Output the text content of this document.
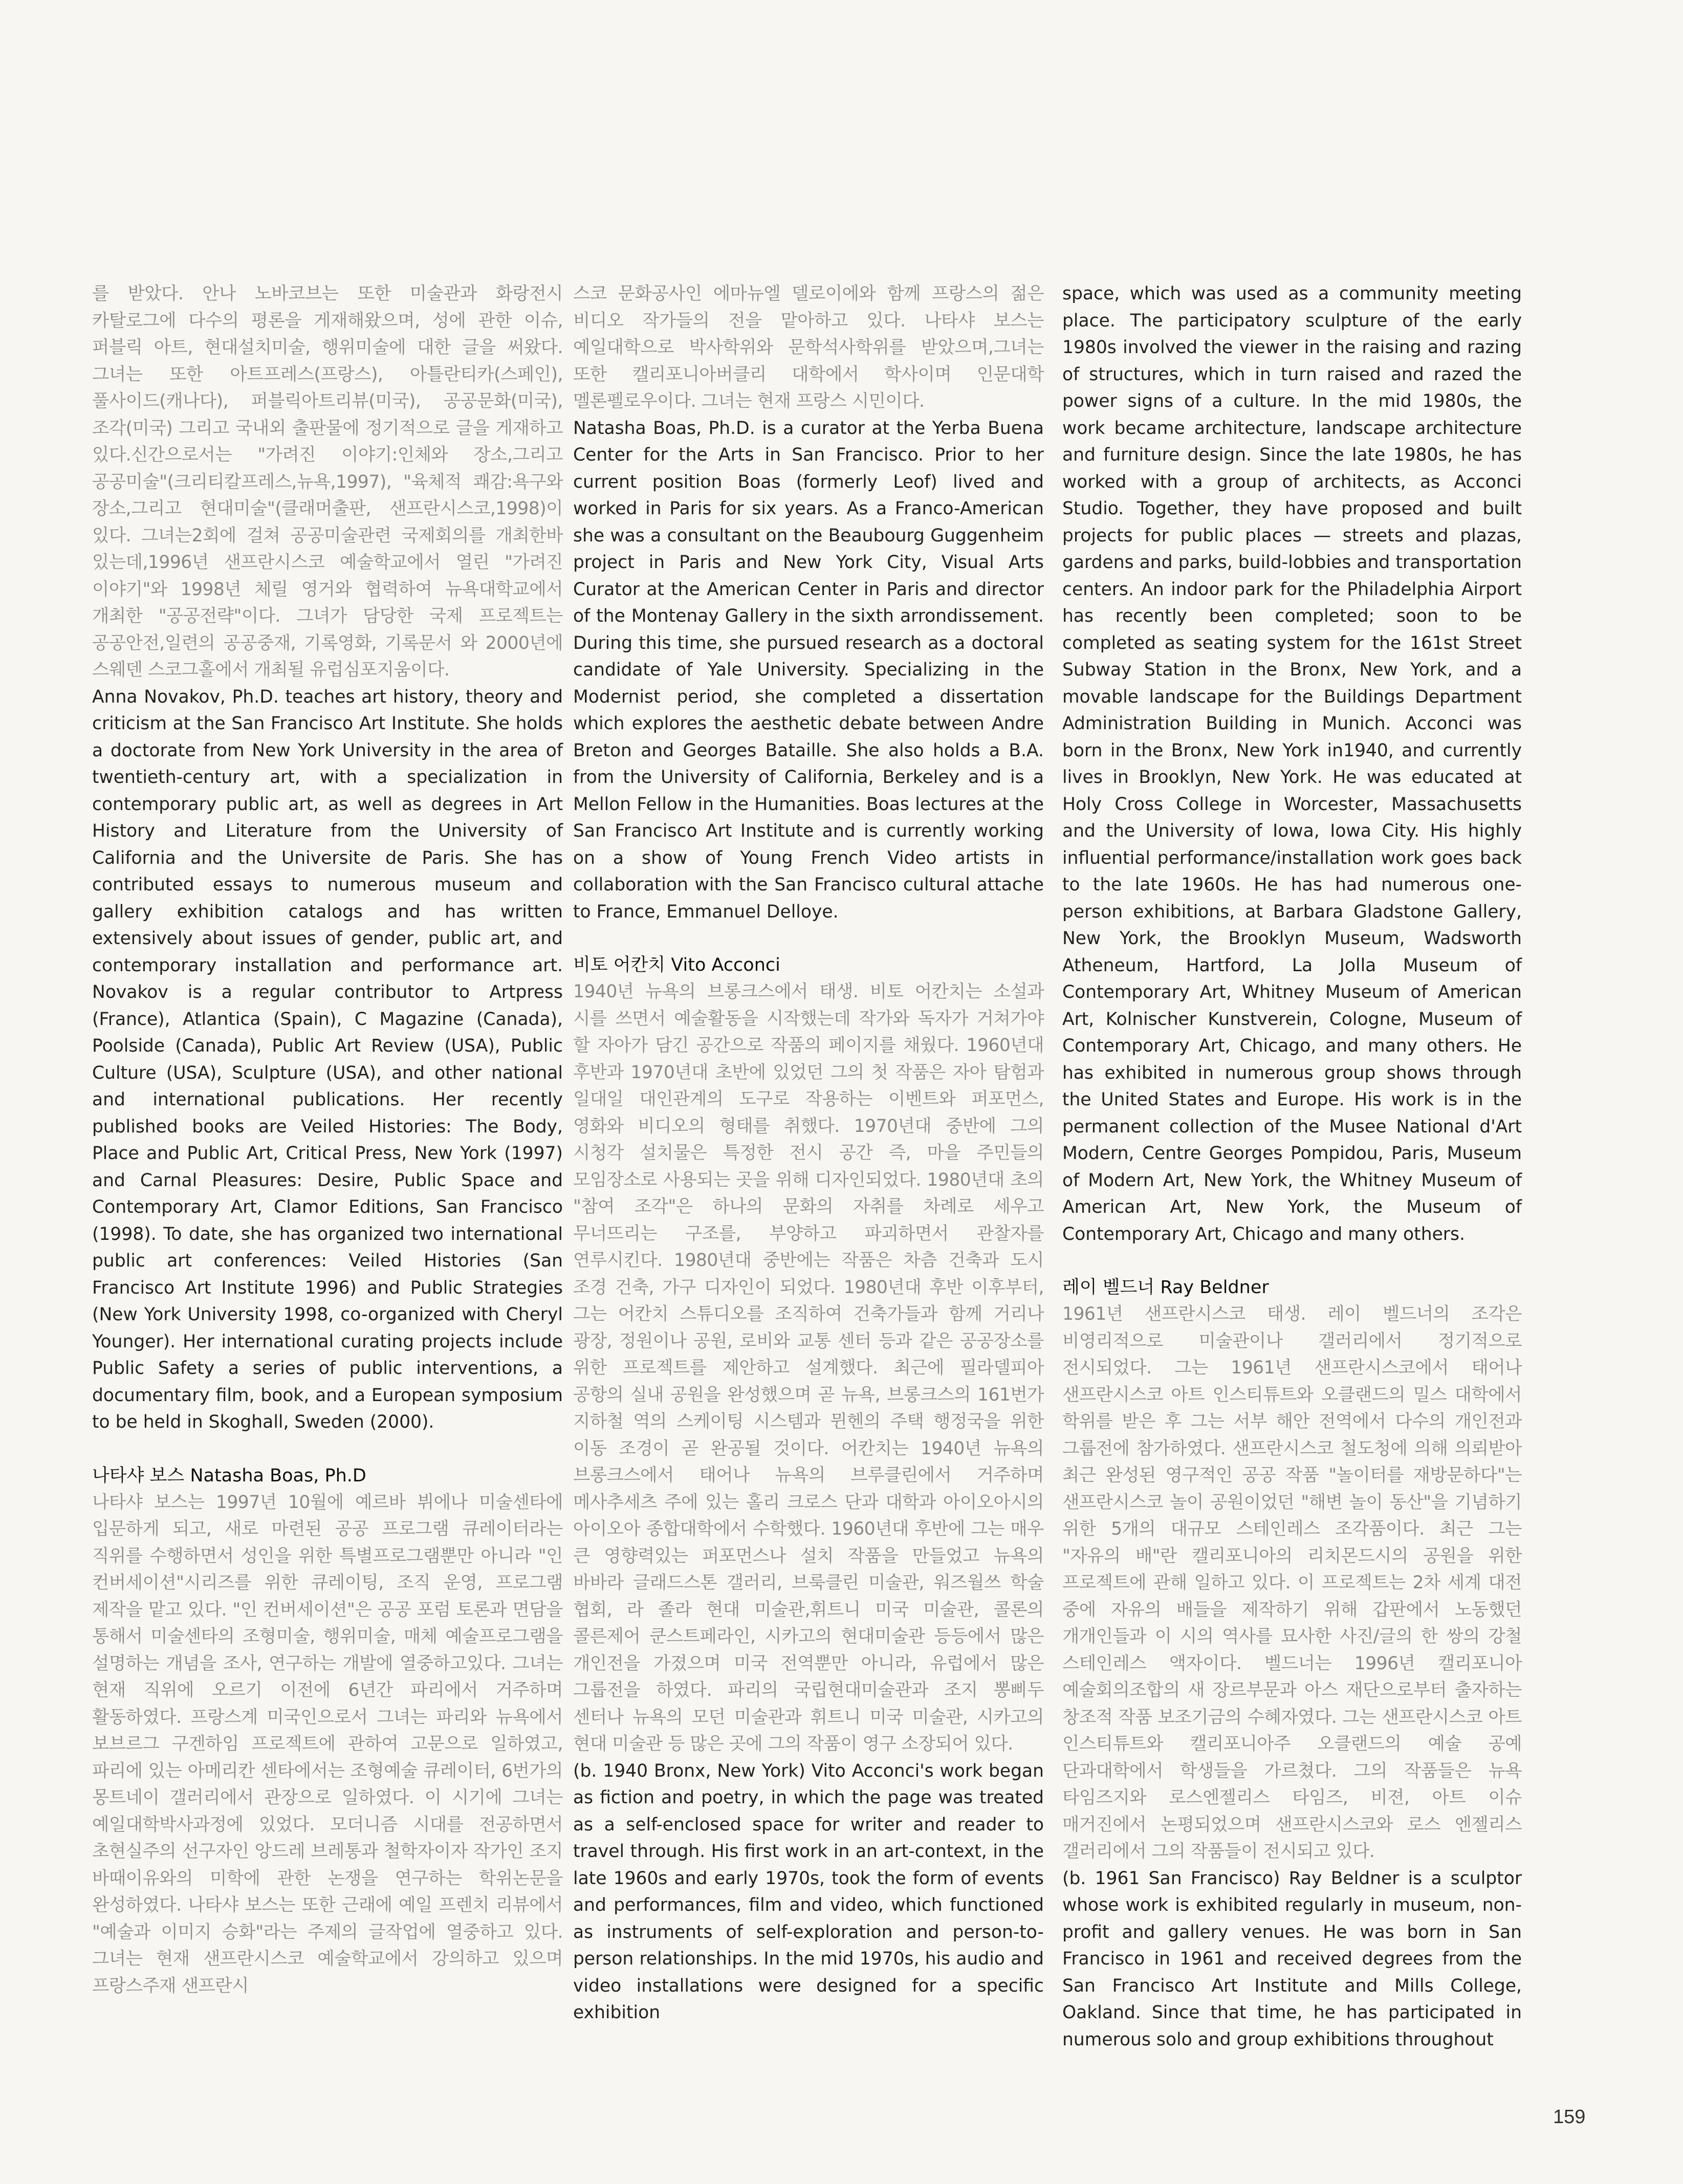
를 받았다. 안나 노바코브는 또한 미술관과 화랑전시 카탈로그에 다수의 평론을 게재해왔으며, 성에 관한 이슈, 퍼블릭 아트, 현대설치미술, 행위미술에 대한 글을 써왔다. 그녀는 또한 아트프레스(프랑스), 아틀란티카(스페인), 풀사이드(캐나다), 퍼블릭아트리뷰(미국), 공공문화(미국), 조각(미국) 그리고 국내외 출판물에 정기적으로 글을 게재하고 있다.신간으로서는 "가려진 이야기:인체와 장소,그리고 공공미술"(크리티칼프레스,뉴욕,1997), "육체적 쾌감:욕구와 장소,그리고 현대미술"(클래머출판, 샌프란시스코,1998)이 있다. 그녀는2회에 걸쳐 공공미술관련 국제회의를 개최한바 있는데,1996년 샌프란시스코 예술학교에서 열린 "가려진 이야기"와 1998년 체릴 영거와 협력하여 뉴욕대학교에서 개최한 "공공전략"이다. 그녀가 담당한 국제 프로젝트는 공공안전,일련의 공공중재, 기록영화, 기록문서 와 2000년에 스웨덴 스코그홀에서 개최될 유럽심포지움이다.

Anna Novakov, Ph.D. teaches art history, theory and criticism at the San Francisco Art Institute. She holds a doctorate from New York University in the area of twentieth-century art, with a specialization in contemporary public art, as well as degrees in Art History and Literature from the University of California and the Universite de Paris. She has contributed essays to numerous museum and gallery exhibition catalogs and has written extensively about issues of gender, public art, and contemporary installation and performance art. Novakov is a regular contributor to Artpress (France), Atlantica (Spain), C Magazine (Canada), Poolside (Canada), Public Art Review (USA), Public Culture (USA), Sculpture (USA), and other national and international publications. Her recently published books are Veiled Histories: The Body, Place and Public Art, Critical Press, New York (1997) and Carnal Pleasures: Desire, Public Space and Contemporary Art, Clamor Editions, San Francisco (1998). To date, she has organized two international public art conferences: Veiled Histories (San Francisco Art Institute 1996) and Public Strategies (New York University 1998, co-organized with Cheryl Younger). Her international curating projects include Public Safety a series of public interventions, a documentary film, book, and a European symposium to be held in Skoghall, Sweden (2000).

나타샤 보스 Natasha Boas, Ph.D

나타샤 보스는 1997년 10월에 예르바 뷔에나 미술센타에 입문하게 되고, 새로 마련된 공공 프로그램 큐레이터라는 직위를 수행하면서 성인을 위한 특별프로그램뿐만 아니라 "인 컨버세이션"시리즈를 위한 큐레이팅, 조직 운영, 프로그램 제작을 맡고 있다. "인 컨버세이션"은 공공 포럼 토론과 면담을 통해서 미술센타의 조형미술, 행위미술, 매체 예술프로그램을 설명하는 개념을 조사, 연구하는 개발에 열중하고있다. 그녀는 현재 직위에 오르기 이전에 6년간 파리에서 거주하며 활동하였다. 프랑스계 미국인으로서 그녀는 파리와 뉴욕에서 보브르그 구겐하임 프로젝트에 관하여 고문으로 일하였고, 파리에 있는 아메리칸 센타에서는 조형예술 큐레이터, 6번가의 몽트네이 갤러리에서 관장으로 일하였다. 이 시기에 그녀는 예일대학박사과정에 있었다. 모더니즘 시대를 전공하면서 초현실주의 선구자인 앙드레 브레통과 철학자이자 작가인 조지 바때이유와의 미학에 관한 논쟁을 연구하는 학위논문을 완성하였다. 나타샤 보스는 또한 근래에 예일 프렌치 리뷰에서 "예술과 이미지 승화"라는 주제의 글작업에 열중하고 있다. 그녀는 현재 샌프란시스코 예술학교에서 강의하고 있으며 프랑스주재 샌프란시

스코 문화공사인 에마뉴엘 델로이에와 함께 프랑스의 젊은 비디오 작가들의 전을 맡아하고 있다. 나타샤 보스는 예일대학으로 박사학위와 문학석사학위를 받았으며,그녀는 또한 캘리포니아버클리 대학에서 학사이며 인문대학 멜론펠로우이다. 그녀는 현재 프랑스 시민이다.

Natasha Boas, Ph.D. is a curator at the Yerba Buena Center for the Arts in San Francisco. Prior to her current position Boas (formerly Leof) lived and worked in Paris for six years. As a Franco-American she was a consultant on the Beaubourg Guggenheim project in Paris and New York City, Visual Arts Curator at the American Center in Paris and director of the Montenay Gallery in the sixth arrondissement. During this time, she pursued research as a doctoral candidate of Yale University. Specializing in the Modernist period, she completed a dissertation which explores the aesthetic debate between Andre Breton and Georges Bataille. She also holds a B.A. from the University of California, Berkeley and is a Mellon Fellow in the Humanities. Boas lectures at the San Francisco Art Institute and is currently working on a show of Young French Video artists in collaboration with the San Francisco cultural attache to France, Emmanuel Delloye.

비토 어칸치 Vito Acconci

1940년 뉴욕의 브롱크스에서 태생. 비토 어칸치는 소설과 시를 쓰면서 예술활동을 시작했는데 작가와 독자가 거쳐가야 할 자아가 담긴 공간으로 작품의 페이지를 채웠다. 1960년대 후반과 1970년대 초반에 있었던 그의 첫 작품은 자아 탐험과 일대일 대인관계의 도구로 작용하는 이벤트와 퍼포먼스, 영화와 비디오의 형태를 취했다. 1970년대 중반에 그의 시청각 설치물은 특정한 전시 공간 즉, 마을 주민들의 모임장소로 사용되는 곳을 위해 디자인되었다. 1980년대 초의 "참여 조각"은 하나의 문화의 자취를 차례로 세우고 무너뜨리는 구조를, 부양하고 파괴하면서 관찰자를 연루시킨다. 1980년대 중반에는 작품은 차츰 건축과 도시 조경 건축, 가구 디자인이 되었다. 1980년대 후반 이후부터, 그는 어칸치 스튜디오를 조직하여 건축가들과 함께 거리나 광장, 정원이나 공원, 로비와 교통 센터 등과 같은 공공장소를 위한 프로젝트를 제안하고 설계했다. 최근에 필라델피아 공항의 실내 공원을 완성했으며 곧 뉴욕, 브롱크스의 161번가 지하철 역의 스케이팅 시스템과 뮌헨의 주택 행정국을 위한 이동 조경이 곧 완공될 것이다. 어칸치는 1940년 뉴욕의 브롱크스에서 태어나 뉴욕의 브루클린에서 거주하며 메사추세츠 주에 있는 홀리 크로스 단과 대학과 아이오아시의 아이오아 종합대학에서 수학했다. 1960년대 후반에 그는 매우 큰 영향력있는 퍼포먼스나 설치 작품을 만들었고 뉴욕의 바바라 글래드스톤 갤러리, 브룩클린 미술관, 워즈월쓰 학술 협회, 라 졸라 현대 미술관,휘트니 미국 미술관, 콜론의 콜른제어 쿤스트페라인, 시카고의 현대미술관 등등에서 많은 개인전을 가졌으며 미국 전역뿐만 아니라, 유럽에서 많은 그룹전을 하였다. 파리의 국립현대미술관과 조지 뽕삐두 센터나 뉴욕의 모던 미술관과 휘트니 미국 미술관, 시카고의 현대 미술관 등 많은 곳에 그의 작품이 영구 소장되어 있다.

(b. 1940 Bronx, New York) Vito Acconci's work began as fiction and poetry, in which the page was treated as a self-enclosed space for writer and reader to travel through. His first work in an art-context, in the late 1960s and early 1970s, took the form of events and performances, film and video, which functioned as instruments of self-exploration and person-to-person relationships. In the mid 1970s, his audio and video installations were designed for a specific exhibition

space, which was used as a community meeting place. The participatory sculpture of the early 1980s involved the viewer in the raising and razing of structures, which in turn raised and razed the power signs of a culture. In the mid 1980s, the work became architecture, landscape architecture and furniture design. Since the late 1980s, he has worked with a group of architects, as Acconci Studio. Together, they have proposed and built projects for public places — streets and plazas, gardens and parks, build-lobbies and transportation centers. An indoor park for the Philadelphia Airport has recently been completed; soon to be completed as seating system for the 161st Street Subway Station in the Bronx, New York, and a movable landscape for the Buildings Department Administration Building in Munich. Acconci was born in the Bronx, New York in1940, and currently lives in Brooklyn, New York. He was educated at Holy Cross College in Worcester, Massachusetts and the University of Iowa, Iowa City. His highly influential performance/installation work goes back to the late 1960s. He has had numerous one-person exhibitions, at Barbara Gladstone Gallery, New York, the Brooklyn Museum, Wadsworth Atheneum, Hartford, La Jolla Museum of Contemporary Art, Whitney Museum of American Art, Kolnischer Kunstverein, Cologne, Museum of Contemporary Art, Chicago, and many others. He has exhibited in numerous group shows through the United States and Europe. His work is in the permanent collection of the Musee National d'Art Modern, Centre Georges Pompidou, Paris, Museum of Modern Art, New York, the Whitney Museum of American Art, New York, the Museum of Contemporary Art, Chicago and many others.

레이 벨드너 Ray Beldner

1961년 샌프란시스코 태생. 레이 벨드너의 조각은 비영리적으로 미술관이나 갤러리에서 정기적으로 전시되었다. 그는 1961년 샌프란시스코에서 태어나 샌프란시스코 아트 인스티튜트와 오클랜드의 밀스 대학에서 학위를 받은 후 그는 서부 해안 전역에서 다수의 개인전과 그룹전에 참가하였다. 샌프란시스코 철도청에 의해 의뢰받아 최근 완성된 영구적인 공공 작품 "놀이터를 재방문하다"는 샌프란시스코 놀이 공원이었던 "해변 놀이 동산"을 기념하기 위한 5개의 대규모 스테인레스 조각품이다. 최근 그는 "자유의 배"란 캘리포니아의 리치몬드시의 공원을 위한 프로젝트에 관해 일하고 있다. 이 프로젝트는 2차 세계 대전 중에 자유의 배들을 제작하기 위해 갑판에서 노동했던 개개인들과 이 시의 역사를 묘사한 사진/글의 한 쌍의 강철 스테인레스 액자이다. 벨드너는 1996년 캘리포니아 예술회의조합의 새 장르부문과 아스 재단으로부터 출자하는 창조적 작품 보조기금의 수혜자였다. 그는 샌프란시스코 아트 인스티튜트와 캘리포니아주 오클랜드의 예술 공예 단과대학에서 학생들을 가르쳤다. 그의 작품들은 뉴욕 타임즈지와 로스엔젤리스 타임즈, 비젼, 아트 이슈 매거진에서 논평되었으며 샌프란시스코와 로스 엔젤리스 갤러리에서 그의 작품들이 전시되고 있다.

(b. 1961 San Francisco) Ray Beldner is a sculptor whose work is exhibited regularly in museum, non-profit and gallery venues. He was born in San Francisco in 1961 and received degrees from the San Francisco Art Institute and Mills College, Oakland. Since that time, he has participated in numerous solo and group exhibitions throughout

159
